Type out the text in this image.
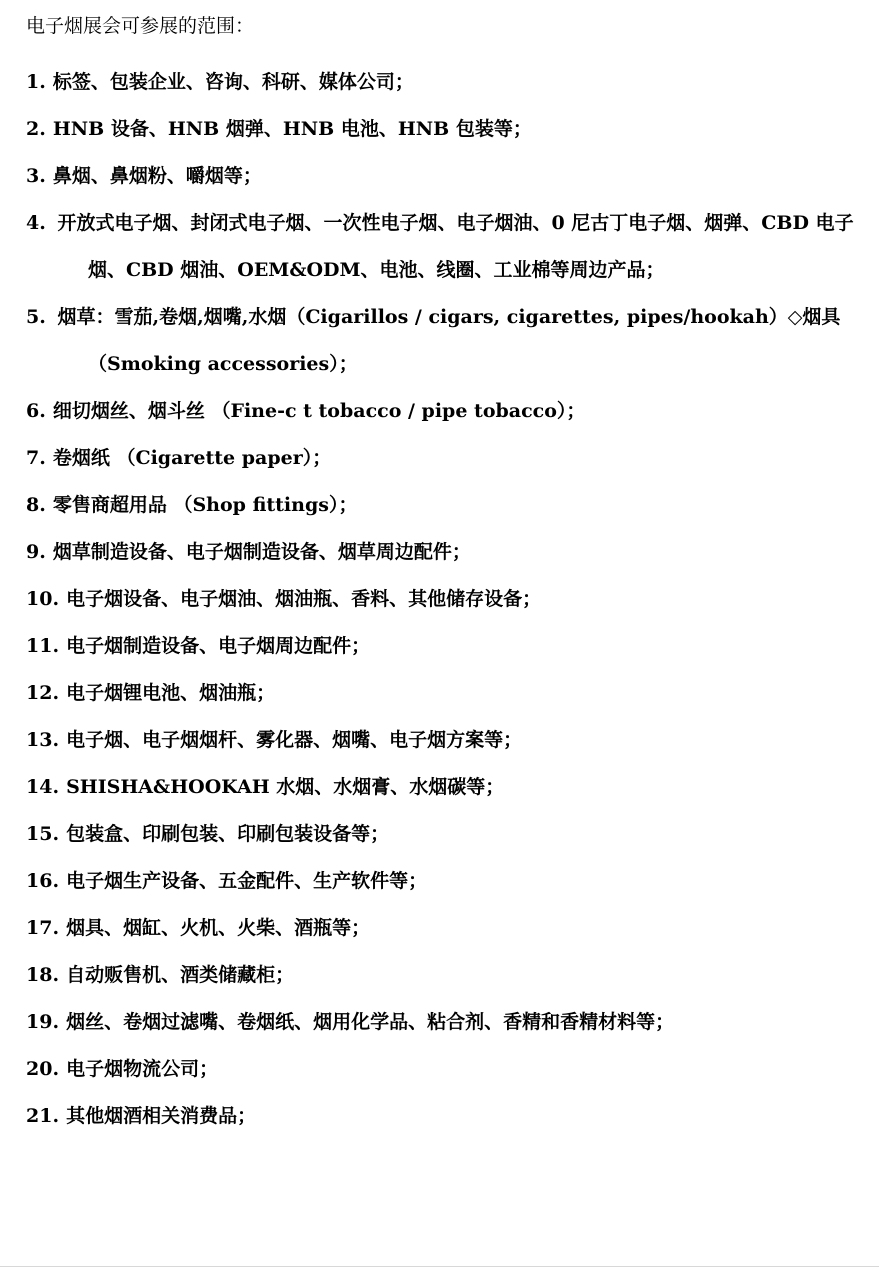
电子烟展会可参展的范围：
1. 标签、包装企业、咨询、科研、媒体公司；
2. HNB 设备、HNB 烟弹、HNB 电池、HNB 包装等；
3. 鼻烟、鼻烟粉、嚼烟等；
4. 开放式电子烟、封闭式电子烟、一次性电子烟、电子烟油、0 尼古丁电子烟、烟弹、CBD 电子烟、CBD 烟油、OEM&ODM、电池、线圈、工业棉等周边产品；
5. 烟草：雪茄,卷烟,烟嘴,水烟（Cigarillos / cigars, cigarettes, pipes/hookah）◇烟具（Smoking accessories）；
6. 细切烟丝、烟斗丝 （Fine-c t tobacco / pipe tobacco）；
7. 卷烟纸 （Cigarette paper）；
8. 零售商超用品 （Shop fittings）；
9. 烟草制造设备、电子烟制造设备、烟草周边配件；
10. 电子烟设备、电子烟油、烟油瓶、香料、其他储存设备；
11. 电子烟制造设备、电子烟周边配件；
12. 电子烟锂电池、烟油瓶；
13. 电子烟、电子烟烟杆、雾化器、烟嘴、电子烟方案等；
14. SHISHA&HOOKAH 水烟、水烟膏、水烟碳等；
15. 包装盒、印刷包装、印刷包装设备等；
16. 电子烟生产设备、五金配件、生产软件等；
17. 烟具、烟缸、火机、火柴、酒瓶等；
18. 自动贩售机、酒类储藏柜；
19. 烟丝、卷烟过滤嘴、卷烟纸、烟用化学品、粘合剂、香精和香精材料等；
20. 电子烟物流公司；
21. 其他烟酒相关消费品；
